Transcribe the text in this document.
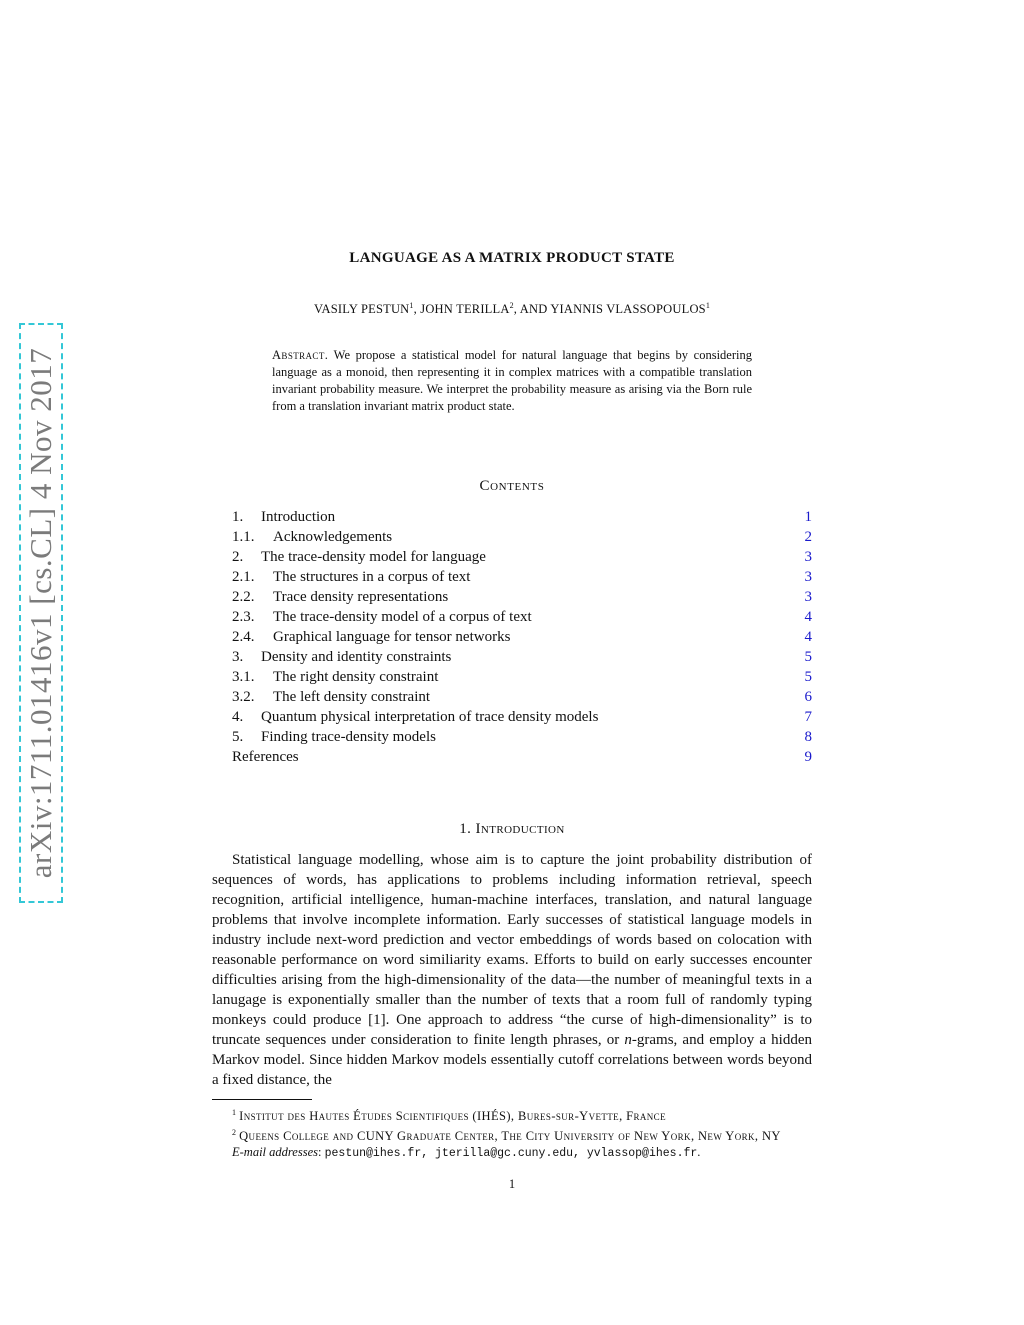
arXiv:1711.01416v1 [cs.CL] 4 Nov 2017
LANGUAGE AS A MATRIX PRODUCT STATE
VASILY PESTUN$^1$, JOHN TERILLA$^2$, AND YIANNIS VLASSOPOULOS$^1$
Abstract. We propose a statistical model for natural language that begins by considering language as a monoid, then representing it in complex matrices with a compatible translation invariant probability measure. We interpret the probability measure as arising via the Born rule from a translation invariant matrix product state.
Contents
1. Introduction	1
1.1. Acknowledgements	2
2. The trace-density model for language	3
2.1. The structures in a corpus of text	3
2.2. Trace density representations	3
2.3. The trace-density model of a corpus of text	4
2.4. Graphical language for tensor networks	4
3. Density and identity constraints	5
3.1. The right density constraint	5
3.2. The left density constraint	6
4. Quantum physical interpretation of trace density models	7
5. Finding trace-density models	8
References	9
1. Introduction
Statistical language modelling, whose aim is to capture the joint probability distribution of sequences of words, has applications to problems including information retrieval, speech recognition, artificial intelligence, human-machine interfaces, translation, and natural language problems that involve incomplete information. Early successes of statistical language models in industry include next-word prediction and vector embeddings of words based on colocation with reasonable performance on word similiarity exams. Efforts to build on early successes encounter difficulties arising from the high-dimensionality of the data—the number of meaningful texts in a lanugage is exponentially smaller than the number of texts that a room full of randomly typing monkeys could produce [1]. One approach to address “the curse of high-dimensionality” is to truncate sequences under consideration to finite length phrases, or n-grams, and employ a hidden Markov model. Since hidden Markov models essentially cutoff correlations between words beyond a fixed distance, the

$^1$ Institut des Hautes Études Scientifiques (IHÉS), Bures-sur-Yvette, France

$^2$ Queens College and CUNY Graduate Center, The City University of New York, New York, NY

E-mail addresses: pestun@ihes.fr, jterilla@gc.cuny.edu, yvlassop@ihes.fr.

1
